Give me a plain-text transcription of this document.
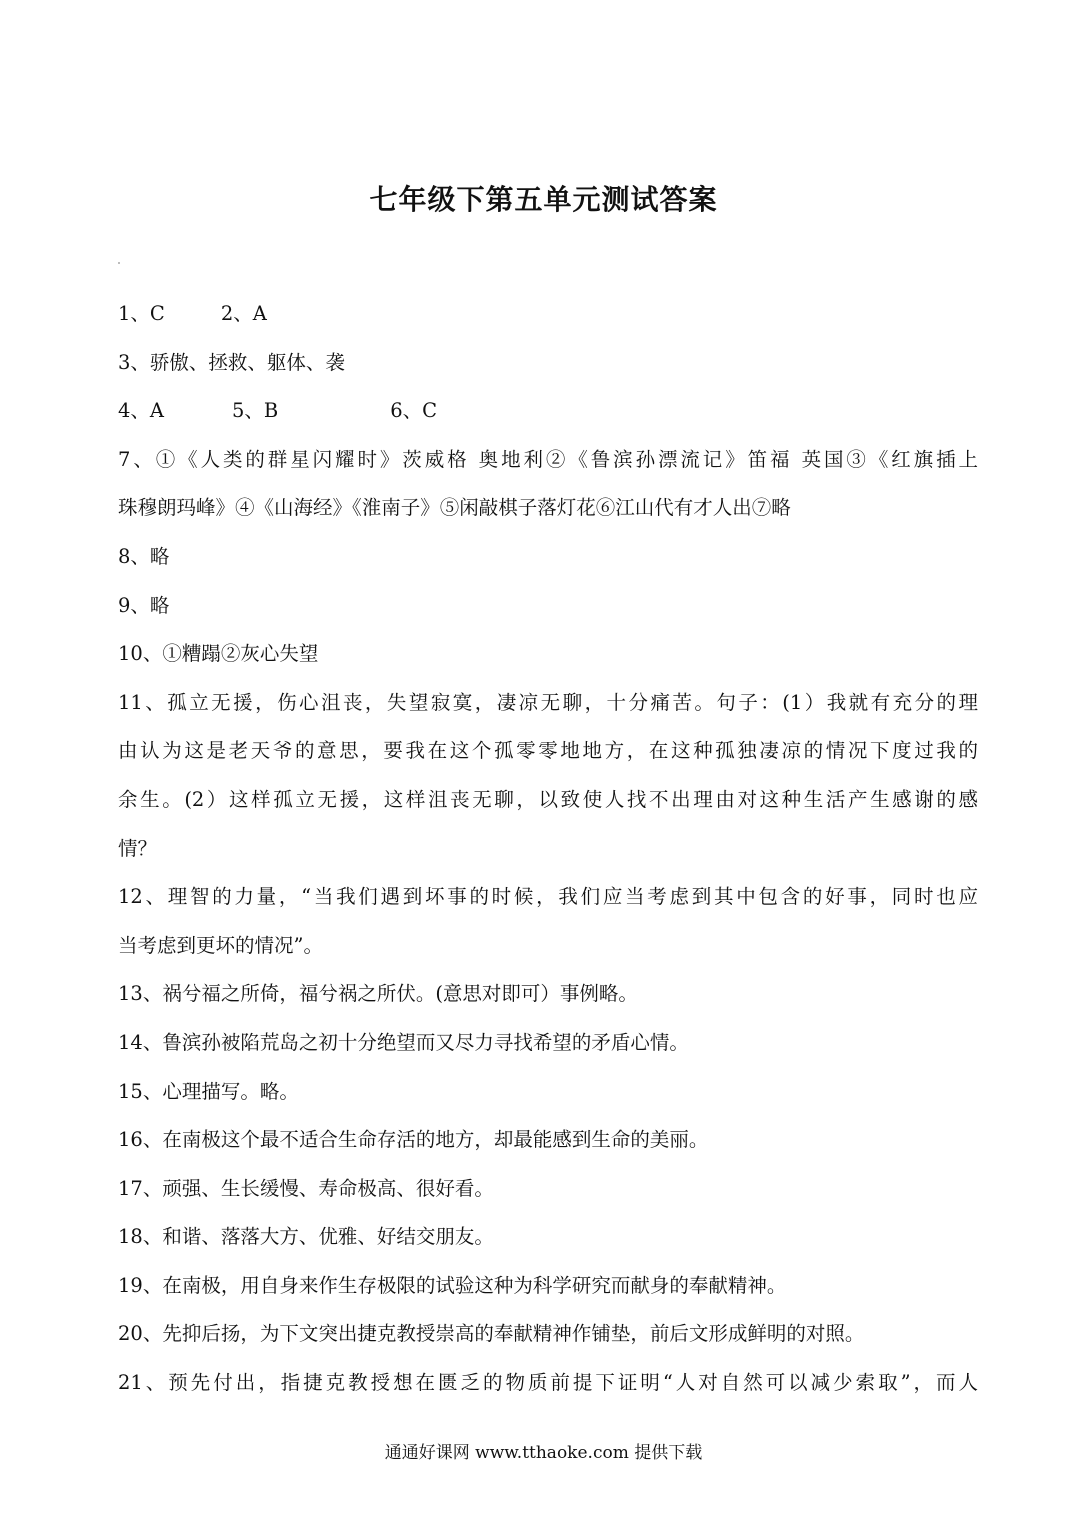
七年级下第五单元测试答案
1、C	2、A
3、骄傲、拯救、躯体、袭
4、A	5、B	6、C
7、①《人类的群星闪耀时》茨威格 奥地利②《鲁滨孙漂流记》笛福 英国③《红旗插上
珠穆朗玛峰》④《山海经》《淮南子》⑤闲敲棋子落灯花⑥江山代有才人出⑦略
8、略
9、略
10、①糟蹋②灰心失望
11、孤立无援，伤心沮丧，失望寂寞，凄凉无聊，十分痛苦。句子：(1）我就有充分的理
由认为这是老天爷的意思，要我在这个孤零零地地方，在这种孤独凄凉的情况下度过我的
余生。(2）这样孤立无援，这样沮丧无聊，以致使人找不出理由对这种生活产生感谢的感
情？
12、理智的力量，“当我们遇到坏事的时候，我们应当考虑到其中包含的好事，同时也应
当考虑到更坏的情况”。
13、祸兮福之所倚，福兮祸之所伏。(意思对即可）事例略。
14、鲁滨孙被陷荒岛之初十分绝望而又尽力寻找希望的矛盾心情。
15、心理描写。略。
16、在南极这个最不适合生命存活的地方，却最能感到生命的美丽。
17、顽强、生长缓慢、寿命极高、很好看。
18、和谐、落落大方、优雅、好结交朋友。
19、在南极，用自身来作生存极限的试验这种为科学研究而献身的奉献精神。
20、先抑后扬，为下文突出捷克教授崇高的奉献精神作铺垫，前后文形成鲜明的对照。
21、预先付出，指捷克教授想在匮乏的物质前提下证明“人对自然可以减少索取”，而人
通通好课网 www.tthaoke.com 提供下载
